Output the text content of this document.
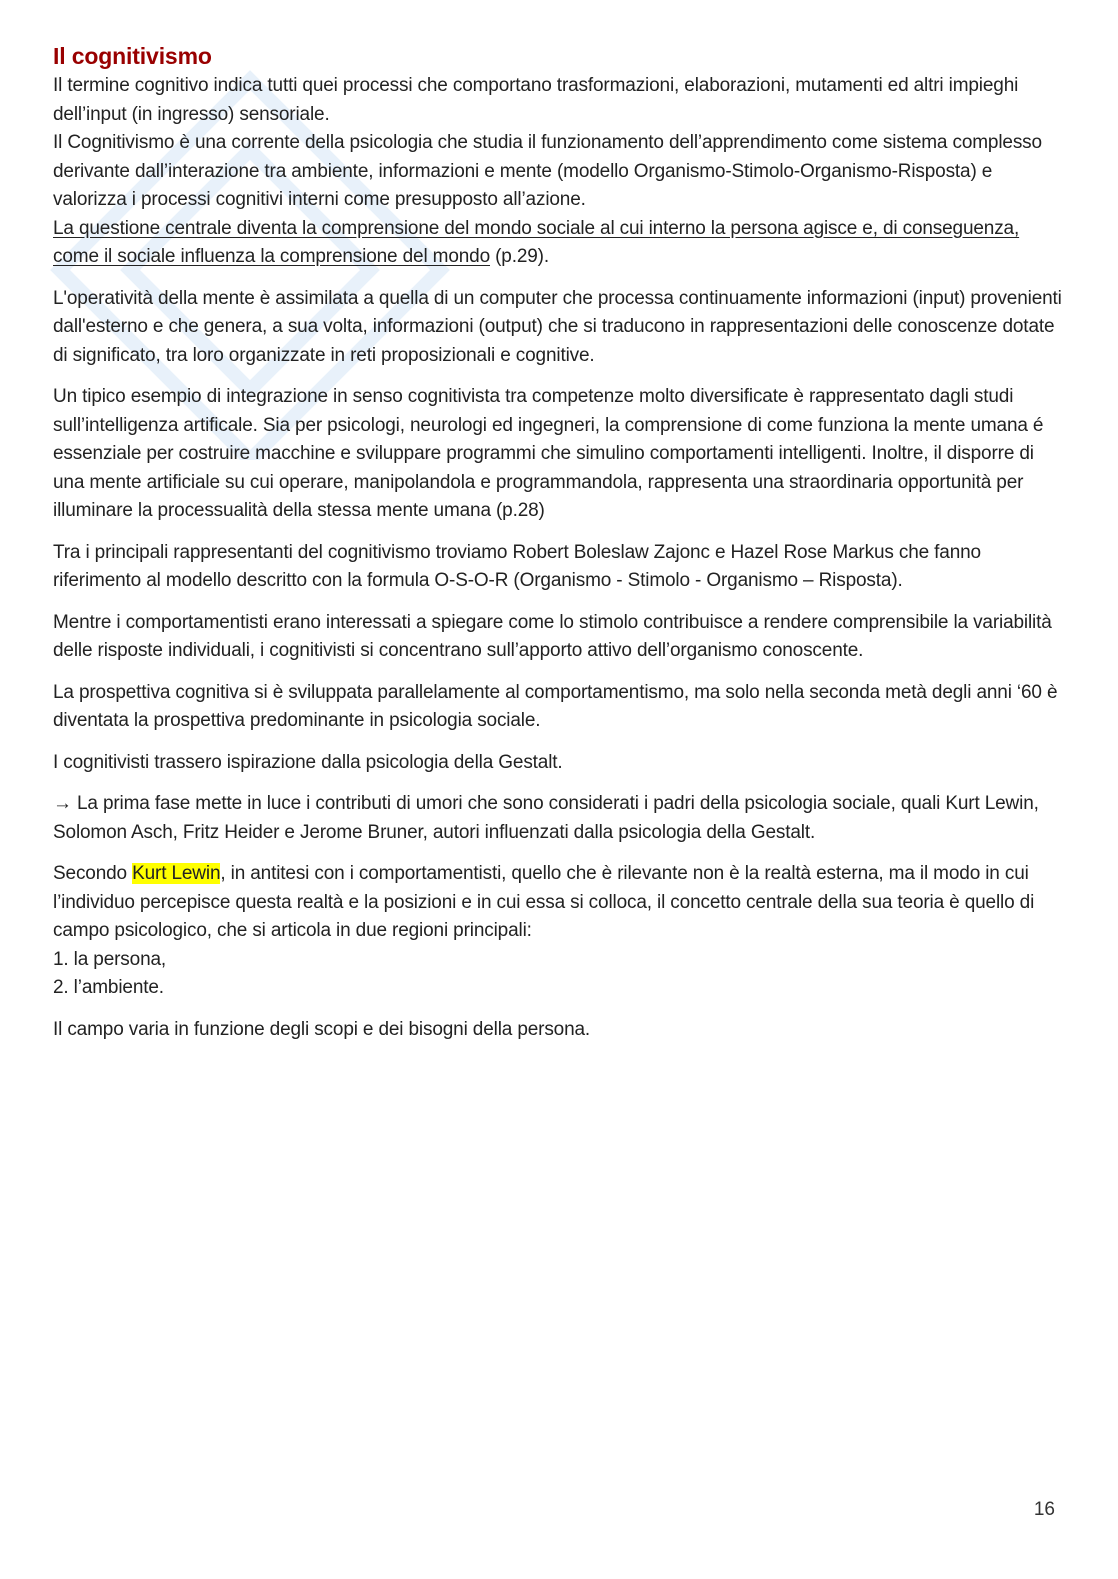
Il cognitivismo

Il termine cognitivo indica tutti quei processi che comportano trasformazioni, elaborazioni, mutamenti ed altri impieghi dell’input (in ingresso) sensoriale.
Il Cognitivismo è una corrente della psicologia che studia il funzionamento dell’apprendimento come sistema complesso derivante dall’interazione tra ambiente, informazioni e mente (modello Organismo-Stimolo-Organismo-Risposta) e valorizza i processi cognitivi interni come presupposto all’azione.
La questione centrale diventa la comprensione del mondo sociale al cui interno la persona agisce e, di conseguenza, come il sociale influenza la comprensione del mondo (p.29).

L'operatività della mente è assimilata a quella di un computer che processa continuamente informazioni (input) provenienti dall'esterno e che genera, a sua volta, informazioni (output) che si traducono in rappresentazioni delle conoscenze dotate di significato, tra loro organizzate in reti proposizionali e cognitive.

Un tipico esempio di integrazione in senso cognitivista tra competenze molto diversificate è rappresentato dagli studi sull’intelligenza artificale. Sia per psicologi, neurologi ed ingegneri, la comprensione di come funziona la mente umana é essenziale per costruire macchine e sviluppare programmi che simulino comportamenti intelligenti. Inoltre, il disporre di una mente artificiale su cui operare, manipolandola e programmandola, rappresenta una straordinaria opportunità per illuminare la processualità della stessa mente umana (p.28)

Tra i principali rappresentanti del cognitivismo troviamo Robert Boleslaw Zajonc e Hazel Rose Markus che fanno riferimento al modello descritto con la formula O-S-O-R (Organismo - Stimolo - Organismo – Risposta).

Mentre i comportamentisti erano interessati a spiegare come lo stimolo contribuisce a rendere comprensibile la variabilità delle risposte individuali, i cognitivisti si concentrano sull’apporto attivo dell’organismo conoscente.

La prospettiva cognitiva si è sviluppata parallelamente al comportamentismo, ma solo nella seconda metà degli anni ‘60 è diventata la prospettiva predominante in psicologia sociale.

I cognitivisti trassero ispirazione dalla psicologia della Gestalt.

→ La prima fase mette in luce i contributi di umori che sono considerati i padri della psicologia sociale, quali Kurt Lewin, Solomon Asch, Fritz Heider e Jerome Bruner, autori influenzati dalla psicologia della Gestalt.

Secondo Kurt Lewin, in antitesi con i comportamentisti, quello che è rilevante non è la realtà esterna, ma il modo in cui l’individuo percepisce questa realtà e la posizioni e in cui essa si colloca, il concetto centrale della sua teoria è quello di campo psicologico, che si articola in due regioni principali:
1. la persona,
2. l’ambiente.

Il campo varia in funzione degli scopi e dei bisogni della persona.

16
